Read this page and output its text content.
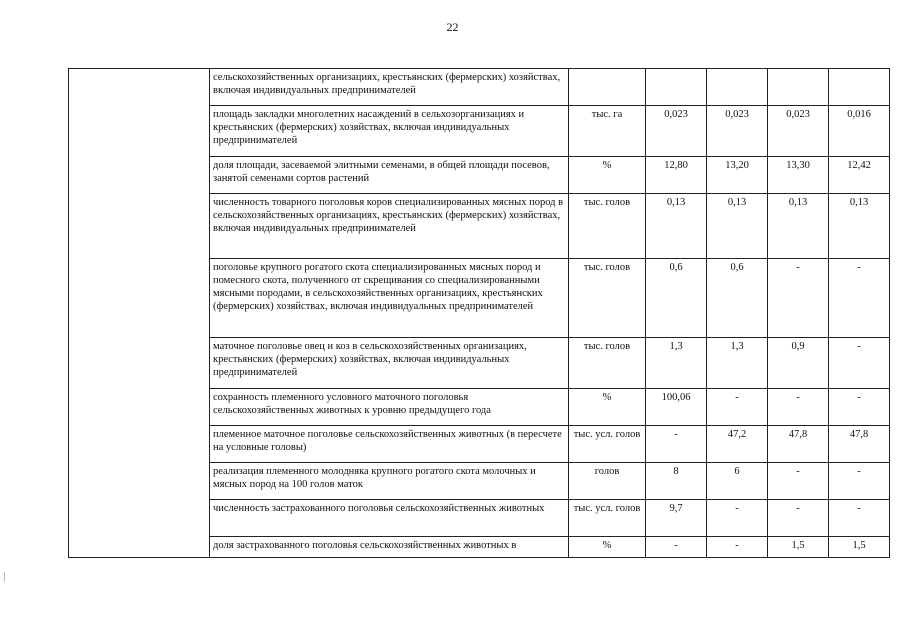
22
	сельскохозяйственных организациях, крестьянских (фермерских) хозяйствах, включая индивидуальных предпринимателей					
	площадь закладки многолетних насаждений в сельхозорганизациях и крестьянских (фермерских) хозяйствах, включая индивидуальных предпринимателей	тыс. га	0,023	0,023	0,023	0,016
	доля площади, засеваемой элитными семенами, в общей площади посевов, занятой семенами сортов растений	%	12,80	13,20	13,30	12,42
	численность товарного поголовья коров специализированных мясных пород в сельскохозяйственных организациях, крестьянских (фермерских) хозяйствах, включая индивидуальных предпринимателей	тыс. голов	0,13	0,13	0,13	0,13
	поголовье крупного рогатого скота специализированных мясных пород и помесного скота, полученного от скрещивания со специализированными мясными породами, в сельскохозяйственных организациях, крестьянских (фермерских) хозяйствах, включая индивидуальных предпринимателей	тыс. голов	0,6	0,6	-	-
	маточное поголовье овец и коз в сельскохозяйственных организациях, крестьянских (фермерских) хозяйствах, включая индивидуальных предпринимателей	тыс. голов	1,3	1,3	0,9	-
	сохранность племенного условного маточного поголовья сельскохозяйственных животных к уровню предыдущего года	%	100,06	-	-	-
	племенное маточное поголовье сельскохозяйственных животных (в пересчете на условные головы)	тыс. усл. голов	-	47,2	47,8	47,8
	реализация племенного молодняка крупного рогатого скота молочных и мясных пород на 100 голов маток	голов	8	6	-	-
	численность застрахованного поголовья сельскохозяйственных животных	тыс. усл. голов	9,7	-	-	-
	доля застрахованного поголовья сельскохозяйственных животных в	%	-	-	1,5	1,5
